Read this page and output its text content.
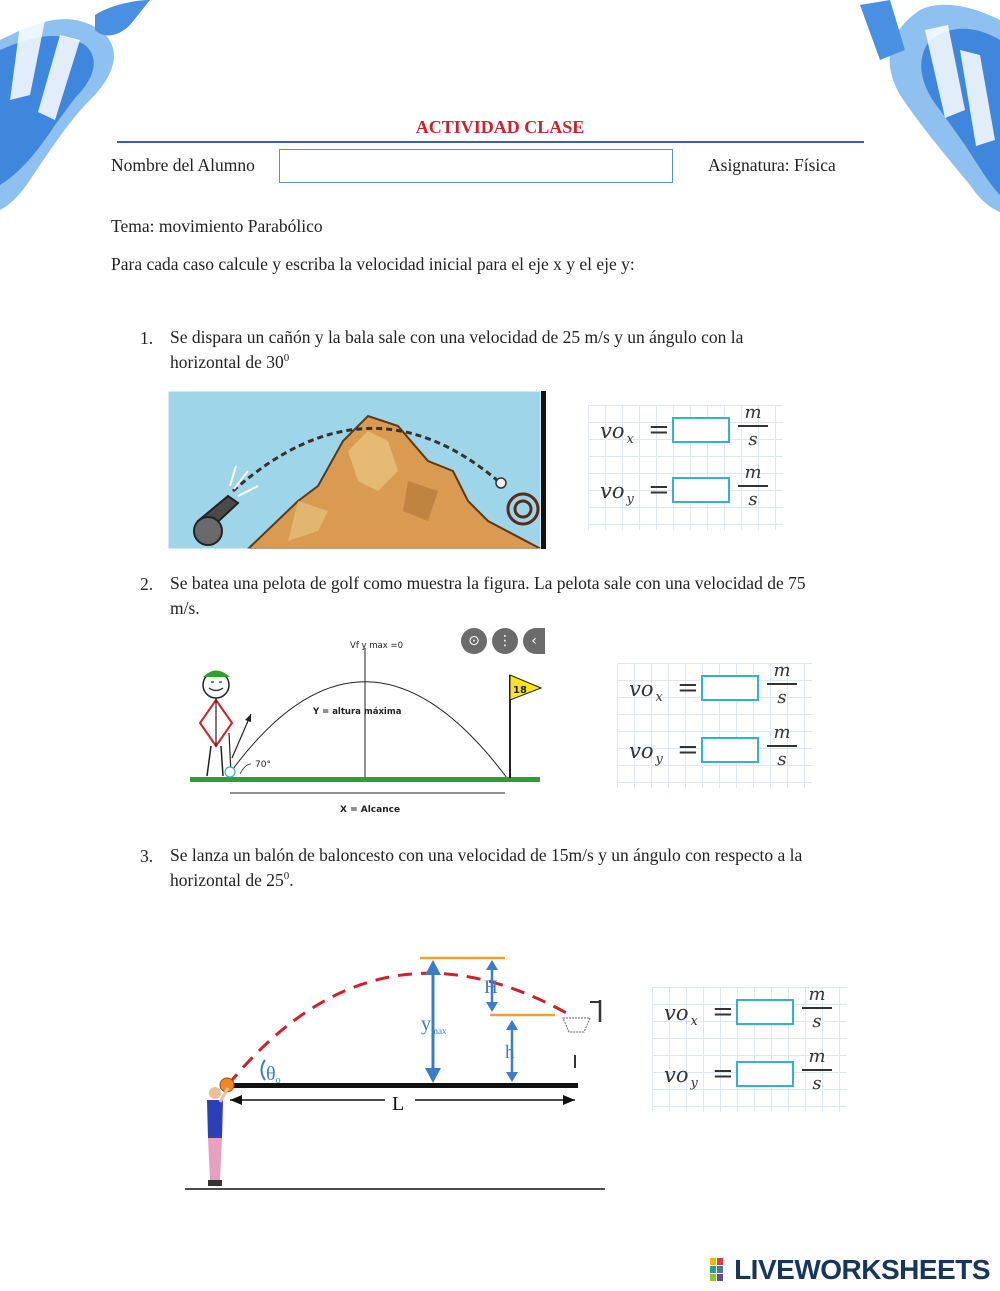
ACTIVIDAD CLASE
Nombre del Alumno	Asignatura: Física
Tema: movimiento Parabólico
Para cada caso calcule y escriba la velocidad inicial para el eje x y el eje y:
1. Se dispara un cañón y la bala sale con una velocidad de 25 m/s y un ángulo con la
horizontal de $30^0$
vo $_x$ =
m
s
vo $_y$ =
m
s
2. Se batea una pelota de golf como muestra la figura. La pelota sale con una velocidad de 75
m/s.
Vf y max =0
Y = altura máxima
X = Alcance
70°
18
⊙	⋮	‹
vo $_x$ =
m
s
vo $_y$ =
m
s
3. Se lanza un balón de baloncesto con una velocidad de 15m/s y un ángulo con respecto a la
horizontal de $25^0$.
$y_{max}$
H
h
L
θo
vo $_x$ =
m
s
vo $_y$ =
m
s
LIVEWORKSHEETS
